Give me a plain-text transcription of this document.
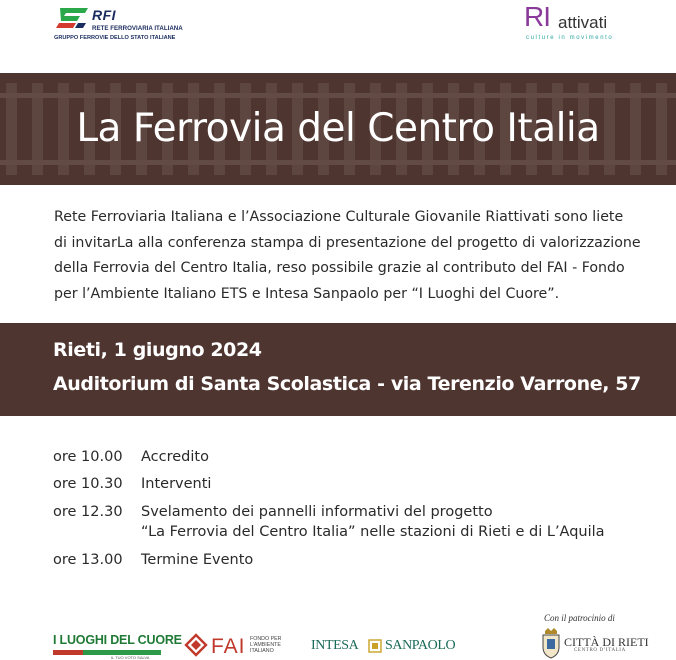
RFI
RETE FERROVIARIA ITALIANA
GRUPPO FERROVIE DELLO STATO ITALIANE
RI attivati
culture in movimento
La Ferrovia del Centro Italia
Rete Ferroviaria Italiana e l’Associazione Culturale Giovanile Riattivati sono liete
di invitarLa alla conferenza stampa di presentazione del progetto di valorizzazione
della Ferrovia del Centro Italia, reso possibile grazie al contributo del FAI - Fondo
per l’Ambiente Italiano ETS e Intesa Sanpaolo per “I Luoghi del Cuore”.
Rieti, 1 giugno 2024
Auditorium di Santa Scolastica - via Terenzio Varrone, 57
ore 10.00 Accredito
ore 10.30 Interventi
ore 12.30 Svelamento dei pannelli informativi del progetto
“La Ferrovia del Centro Italia” nelle stazioni di Rieti e di L’Aquila
ore 13.00 Termine Evento
Con il patrocinio di
I LUOGHI DEL CUORE
IL TUO VOTO SALVA	FAI FONDO PER L’AMBIENTE ITALIANO	INTESA SANPAOLO	CITTÀ DI RIETI
CENTRO D’ITALIA
